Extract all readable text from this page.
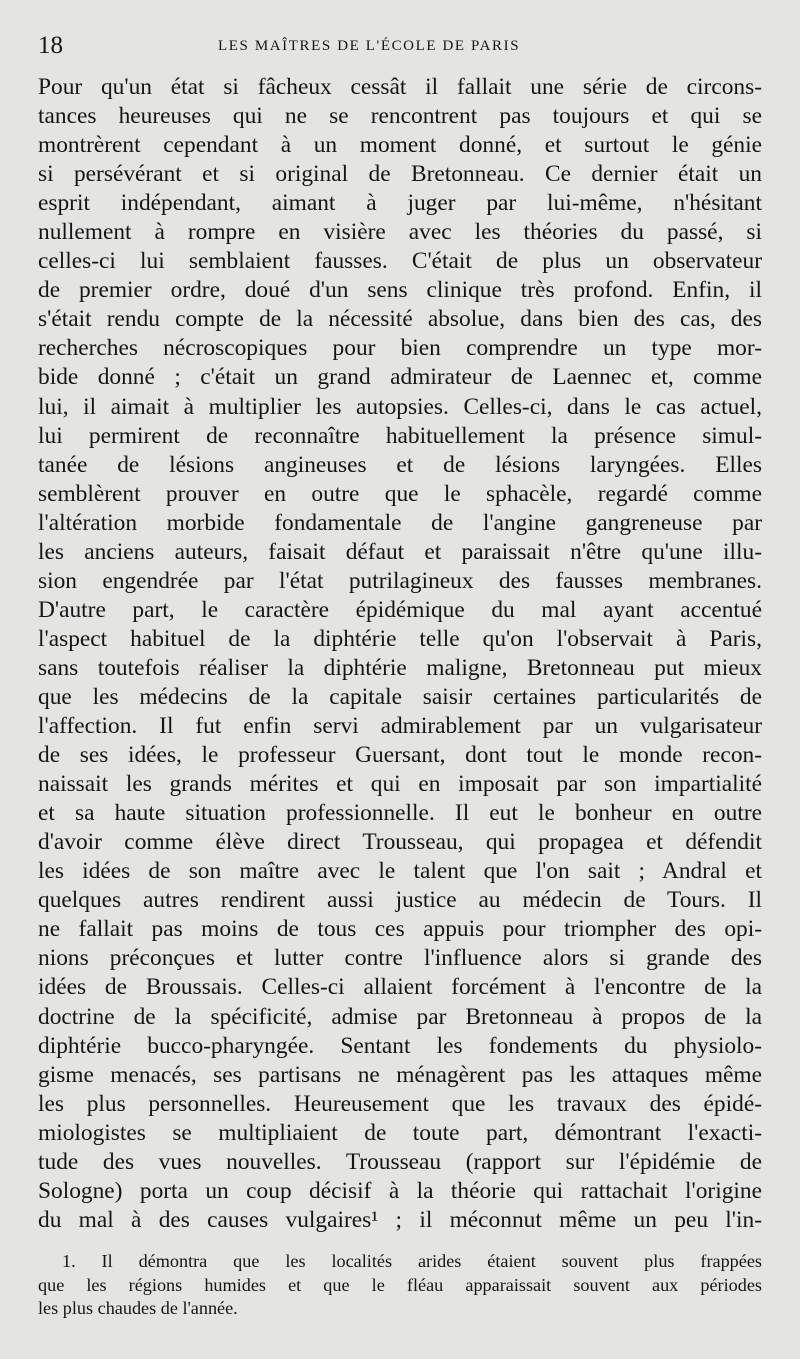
18	LES MAÎTRES DE L'ÉCOLE DE PARIS
Pour qu'un état si fâcheux cessât il fallait une série de circons-
tances heureuses qui ne se rencontrent pas toujours et qui se
montrèrent cependant à un moment donné, et surtout le génie
si persévérant et si original de Bretonneau. Ce dernier était un
esprit indépendant, aimant à juger par lui-même, n'hésitant
nullement à rompre en visière avec les théories du passé, si
celles-ci lui semblaient fausses. C'était de plus un observateur
de premier ordre, doué d'un sens clinique très profond. Enfin, il
s'était rendu compte de la nécessité absolue, dans bien des cas, des
recherches nécroscopiques pour bien comprendre un type mor-
bide donné ; c'était un grand admirateur de Laennec et, comme
lui, il aimait à multiplier les autopsies. Celles-ci, dans le cas actuel,
lui permirent de reconnaître habituellement la présence simul-
tanée de lésions angineuses et de lésions laryngées. Elles
semblèrent prouver en outre que le sphacèle, regardé comme
l'altération morbide fondamentale de l'angine gangreneuse par
les anciens auteurs, faisait défaut et paraissait n'être qu'une illu-
sion engendrée par l'état putrilagineux des fausses membranes.
D'autre part, le caractère épidémique du mal ayant accentué
l'aspect habituel de la diphtérie telle qu'on l'observait à Paris,
sans toutefois réaliser la diphtérie maligne, Bretonneau put mieux
que les médecins de la capitale saisir certaines particularités de
l'affection. Il fut enfin servi admirablement par un vulgarisateur
de ses idées, le professeur Guersant, dont tout le monde recon-
naissait les grands mérites et qui en imposait par son impartialité
et sa haute situation professionnelle. Il eut le bonheur en outre
d'avoir comme élève direct Trousseau, qui propagea et défendit
les idées de son maître avec le talent que l'on sait ; Andral et
quelques autres rendirent aussi justice au médecin de Tours. Il
ne fallait pas moins de tous ces appuis pour triompher des opi-
nions préconçues et lutter contre l'influence alors si grande des
idées de Broussais. Celles-ci allaient forcément à l'encontre de la
doctrine de la spécificité, admise par Bretonneau à propos de la
diphtérie bucco-pharyngée. Sentant les fondements du physiolo-
gisme menacés, ses partisans ne ménagèrent pas les attaques même
les plus personnelles. Heureusement que les travaux des épidé-
miologistes se multipliaient de toute part, démontrant l'exacti-
tude des vues nouvelles. Trousseau (rapport sur l'épidémie de
Sologne) porta un coup décisif à la théorie qui rattachait l'origine
du mal à des causes vulgaires¹ ; il méconnut même un peu l'in-
1. Il démontra que les localités arides étaient souvent plus frappées
que les régions humides et que le fléau apparaissait souvent aux périodes
les plus chaudes de l'année.
